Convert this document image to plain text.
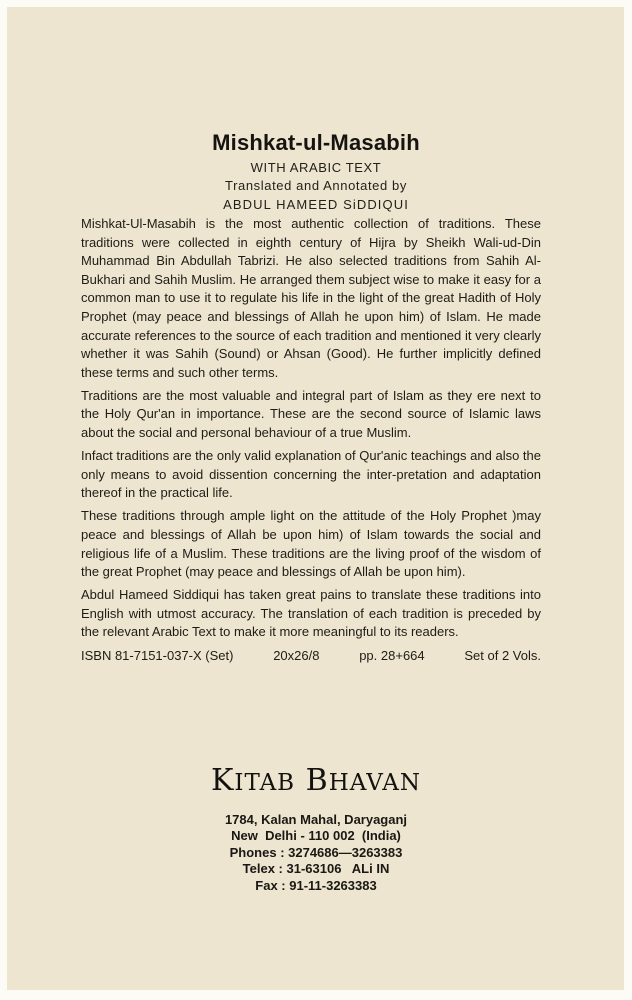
Mishkat-ul-Masabih
WITH ARABIC TEXT
Translated and Annotated by
ABDUL HAMEED SiDDIQUI

Mishkat-Ul-Masabih is the most authentic collection of traditions. These traditions were collected in eighth century of Hijra by Sheikh Wali-ud-Din Muhammad Bin Abdullah Tabrizi. He also selected traditions from Sahih Al-Bukhari and Sahih Muslim. He arranged them subject wise to make it easy for a common man to use it to regulate his life in the light of the great Hadith of Holy Prophet (may peace and blessings of Allah he upon him) of Islam. He made accurate references to the source of each tradition and mentioned it very clearly whether it was Sahih (Sound) or Ahsan (Good). He further implicitly defined these terms and such other terms.

Traditions are the most valuable and integral part of Islam as they ere next to the Holy Qur'an in importance. These are the second source of Islamic laws about the social and personal behaviour of a true Muslim.

Infact traditions are the only valid explanation of Qur'anic teachings and also the only means to avoid dissention concerning the inter-pretation and adaptation thereof in the practical life.

These traditions through ample light on the attitude of the Holy Prophet )may peace and blessings of Allah be upon him) of Islam towards the social and religious life of a Muslim. These traditions are the living proof of the wisdom of the great Prophet (may peace and blessings of Allah be upon him).

Abdul Hameed Siddiqui has taken great pains to translate these traditions into English with utmost accuracy. The translation of each tradition is preceded by the relevant Arabic Text to make it more meaningful to its readers.

ISBN 81-7151-037-X (Set)	20x26/8	pp. 28+664	Set of 2 Vols.
KITAB BHAVAN
1784, Kalan Mahal, Daryaganj
New  Delhi - 110 002  (India)
Phones : 3274686—3263383
Telex : 31-63106   ALi IN
Fax : 91-11-3263383
